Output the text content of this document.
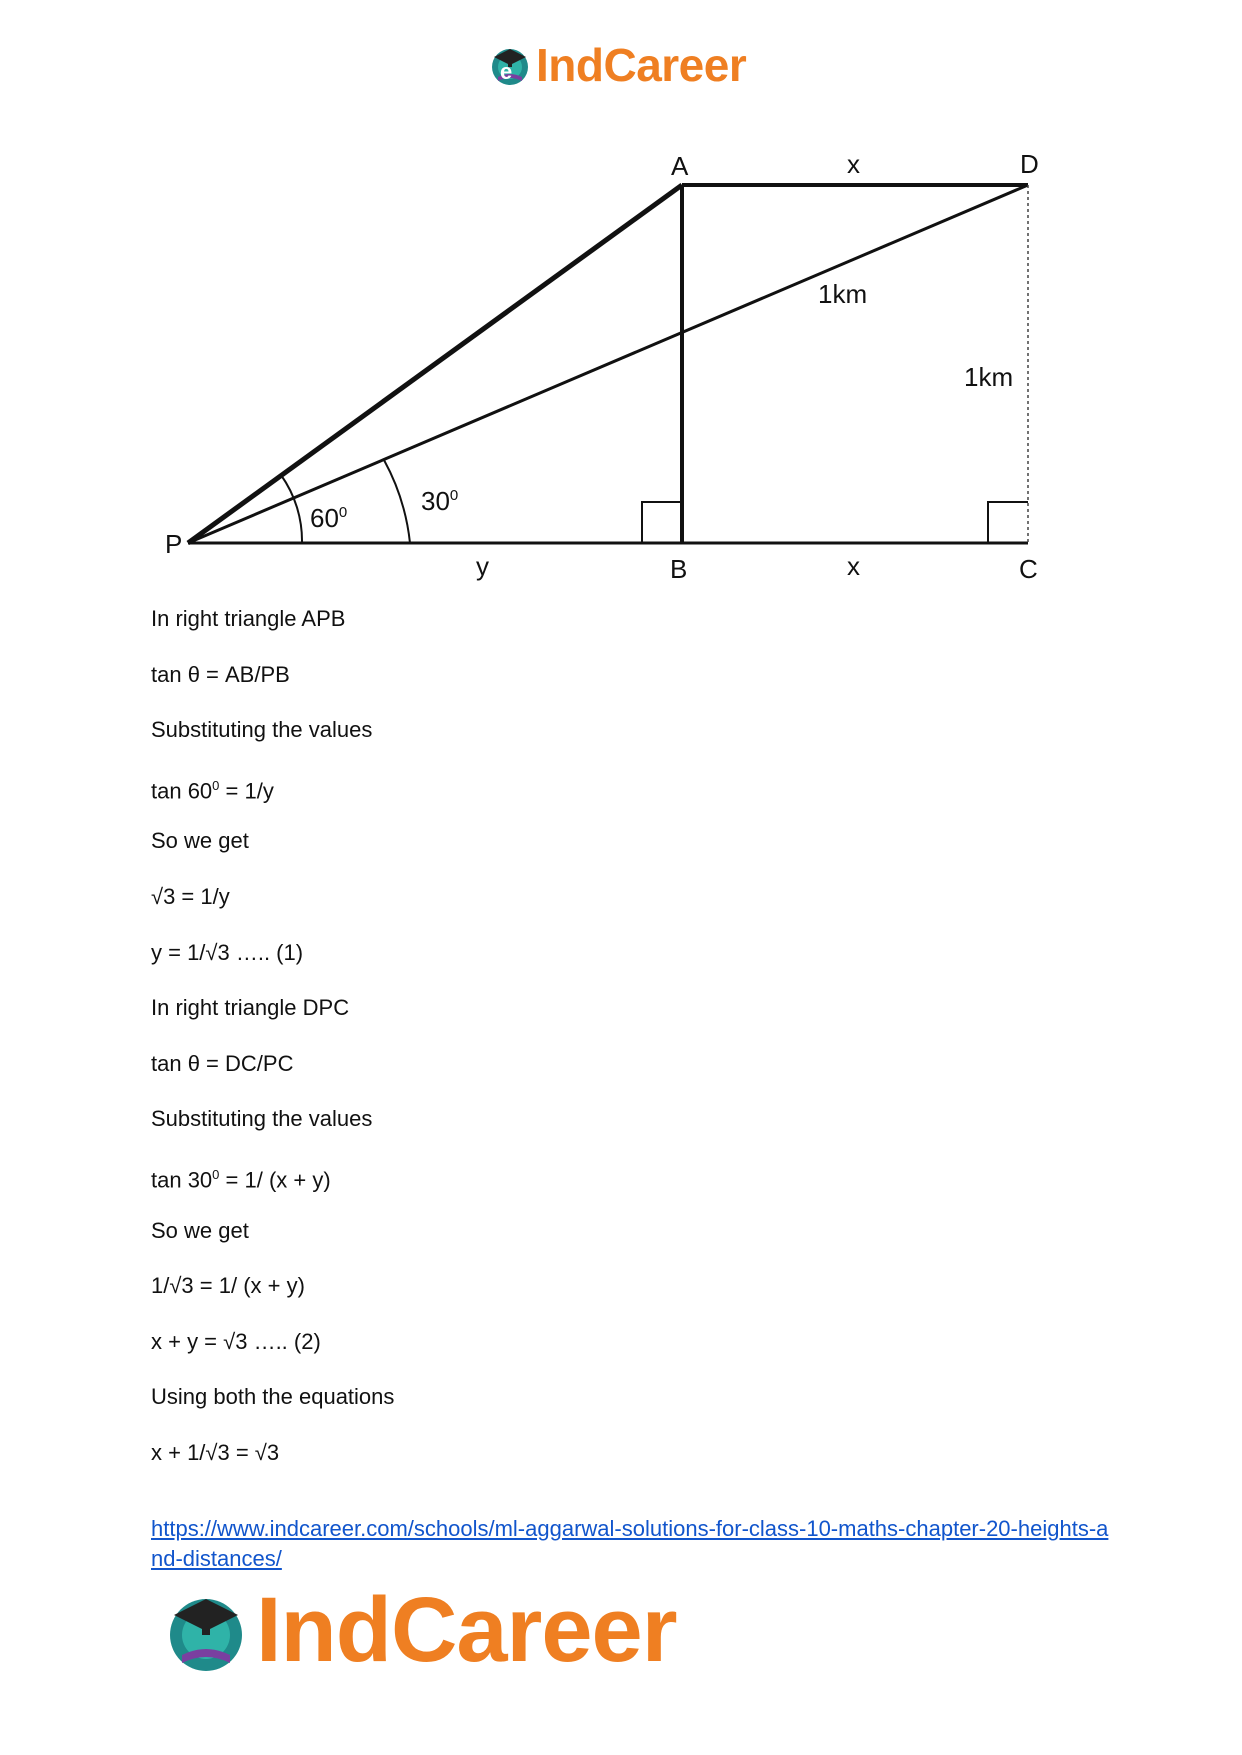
e IndCareer
A	D
P
B	C
x
x
y
1km
1km
$60^0$	$30^0$
In right triangle APB
tan θ = AB/PB
Substituting the values
$\tan 60^0 = 1/y$
So we get
√3 = 1/y
y = 1/√3 ….. (1)
In right triangle DPC
tan θ = DC/PC
Substituting the values
$\tan 30^0 = 1/$ (x + y)
So we get
1/√3 = 1/ (x + y)
x + y = √3 ….. (2)
Using both the equations
x + 1/√3 = √3
https://www.indcareer.com/schools/ml-aggarwal-solutions-for-class-10-maths-chapter-20-heights-and-distances/
IndCareer
